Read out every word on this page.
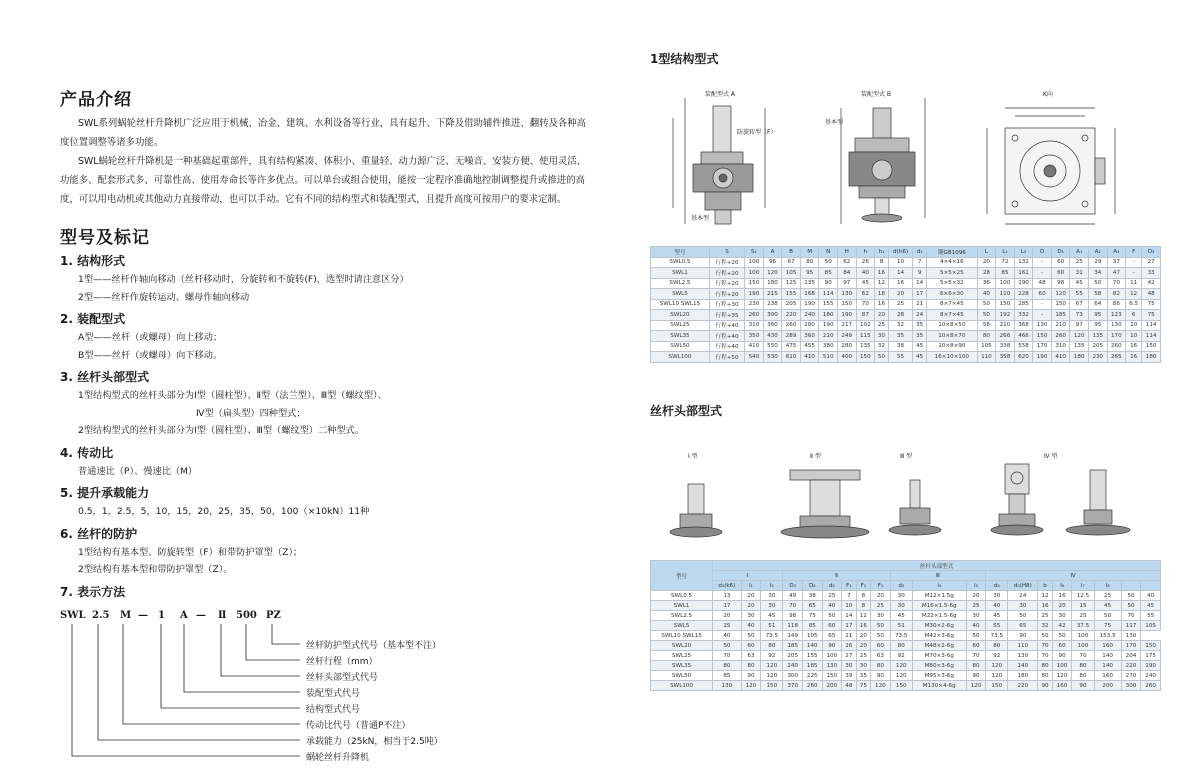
产品介绍

SWL系列蜗轮丝杆升降机广泛应用于机械、冶金、建筑、水利设备等行业，具有起升、下降及借助辅件推进、翻转及各种高度位置调整等诸多功能。

SWL蜗轮丝杆升降机是一种基础起重部件，具有结构紧凑、体积小、重量轻、动力源广泛、无噪音、安装方便、使用灵活、功能多、配套形式多、可靠性高、使用寿命长等许多优点。可以单台或组合使用，能按一定程序准确地控制调整提升或推进的高度，可以用电动机或其他动力直接带动，也可以手动。它有不同的结构型式和装配型式，且提升高度可按用户的要求定制。

型号及标记
1. 结构形式
1型——丝杆作轴向移动（丝杆移动时，分旋转和不旋转(F)，选型时请注意区分）
2型——丝杆作旋转运动、螺母作轴向移动
2. 装配型式
A型——丝杆（或螺母）向上移动；
B型——丝杆（或螺母）向下移动。
3. 丝杆头部型式
1型结构型式的丝杆头部分为Ⅰ型（圆柱型）、Ⅱ型（法兰型）、Ⅲ型（螺纹型）、
Ⅳ型（扁头型）四种型式；
2型结构型式的丝杆头部分为Ⅰ型（圆柱型）、Ⅲ型（螺纹型）二种型式。
4. 传动比
普通速比（P）、慢速比（M）
5. 提升承载能力
0.5，1，2.5，5，10，15，20，25，35，50，100（×10kN）11种
6. 丝杆的防护
1型结构有基本型、防旋转型（F）和带防护罩型（Z）；
2型结构有基本型和带防护罩型（Z）。
7. 表示方法
SWL 2.5 M — 1 A — Ⅱ 500 PZ
丝杆防护型式代号（基本型不注）
丝杆行程（mm）
丝杆头部型式代号
装配型式代号
结构型式代号
传动比代号（普通P不注）
承载能力（25kN，相当于2.5吨）
蜗轮丝杆升降机
1型结构型式
装配型式 A	装配型式 B	K向
防旋转型（F）
基本型
基本型
型号	S	S₁	A	B	M	N	H	h	h₁	d(h6)	d₁	键GB1096	L	L₁	L₂	D	D₁	A₁	A₂	A₃	F	D₂
SWL0.5	行程+20	100	96	67	80	50	62	26	8	10	7	4×4×16	20	72	132	-	60	25	29	37	-	27
SWL1	行程+20	100	120	105	95	85	84	40	16	14	9	5×5×25	28	85	161	-	60	31	34	47	-	33
SWL2.5	行程+20	150	180	125	135	90	97	45	12	16	14	5×5×32	36	100	190	48	98	45	50	70	11	42
SWL5	行程+20	190	215	155	168	114	130	62	18	20	17	6×6×30	40	110	228	60	120	55	58	82	12	48
SWL10 SWL15	行程+30	230	238	205	190	155	150	70	16	25	21	8×7×45	50	150	285	-	150	67	64	86	6.5	75
SWL20	行程+35	260	300	220	240	180	190	87	20	28	24	8×7×45	50	192	332	-	185	73	95	123	6	75
SWL25	行程+40	310	360	260	280	190	217	102	25	32	35	10×8×50	58	210	368	130	210	97	95	130	10	114
SWL35	行程+40	350	430	289	360	210	249	115	30	35	35	10×8×70	80	266	466	150	260	120	135	170	10	114
SWL50	行程+40	410	550	475	455	380	280	135	32	38	45	10×8×90	105	338	558	170	310	135	205	260	16	150
SWL100	行程+50	540	530	610	410	510	400	150	50	55	45	16×10×100	110	358	620	190	410	180	230	265	16	180
丝杆头部型式
Ⅰ 型	Ⅱ 型	Ⅲ 型	Ⅳ 型
型号	丝杆头部型式																			
	Ⅰ			Ⅱ						Ⅲ			Ⅳ							
	d₁(k6)	l₁	l₂	D₃	D₄	d₂	F₁	F₂	F₃	d₃	l₄	l₅	d₄	d₅(H8)	b	l₆	l₇	l₈		
SWL0.5	13	20	30	49	38	25	7	8	20	30	M12×1.5g	20	30	24	12	16	12.5	25	50	40
SWL1	17	20	30	70	65	40	10	8	25	30	M16×1.5-6g	25	40	30	16	20	15	45	50	45
SWL2.5	20	30	45	98	75	50	14	12	30	45	M22×1.5-6g	30	45	50	25	30	25	50	70	55
SWL5	25	40	51	118	85	60	17	16	50	51	M30×2-6g	40	55	65	32	42	37.5	75	117	105
SWL10 SWL15	40	50	73.5	149	105	65	21	20	50	73.5	M42×3-6g	50	73.5	90	50	50	100	153.5	130	
SWL20	50	60	80	185	140	90	26	20	60	80	M48×2-6g	60	80	110	70	60	100	160	170	150
SWL25	70	63	92	205	155	100	27	25	63	92	M70×3-6g	70	92	130	70	90	70	140	204	175
SWL35	80	80	120	240	185	130	30	30	80	120	M80×3-6g	80	120	140	80	100	80	140	220	190
SWL50	85	90	120	300	225	150	39	35	90	120	M95×3-6g	90	120	180	80	120	80	160	270	240
SWL100	130	120	150	370	260	200	48	75	120	150	M130×4-6g	120	150	220	90	160	90	200	300	260
